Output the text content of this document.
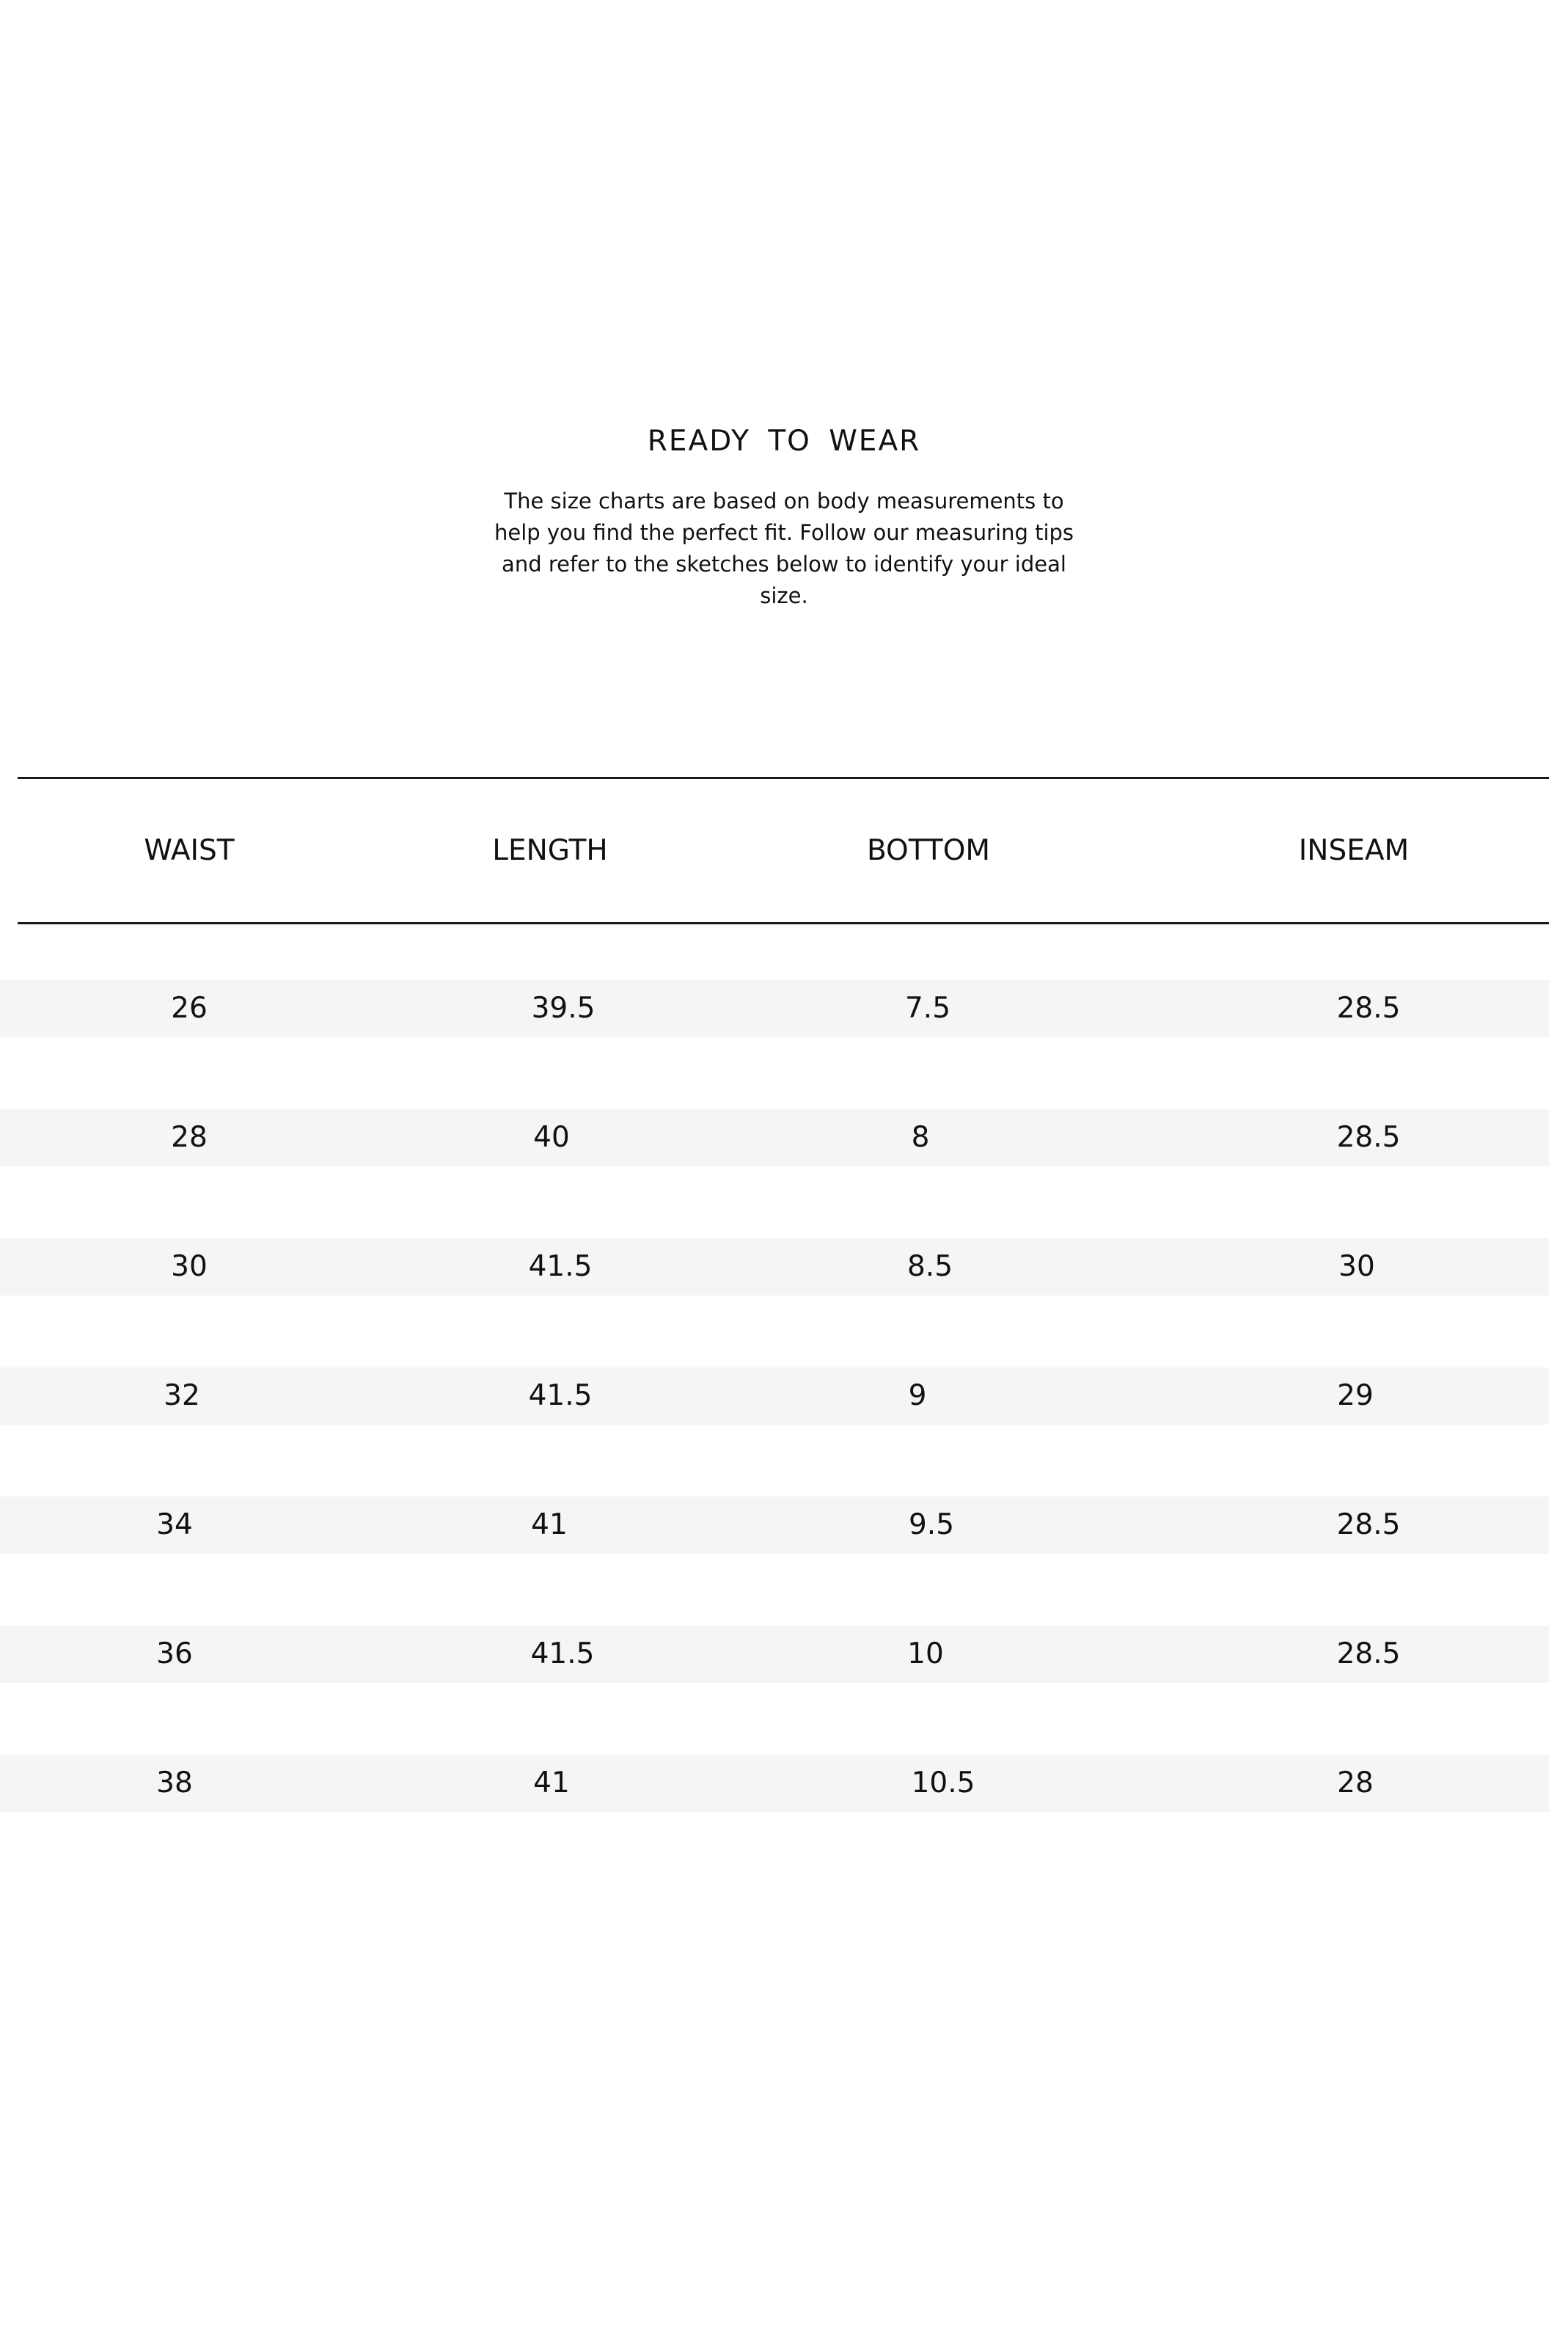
READY TO WEAR
The size charts are based on body measurements to help you find the perfect fit. Follow our measuring tips and refer to the sketches below to identify your ideal size.
WAIST	LENGTH	BOTTOM	INSEAM
26	39.5	7.5	28.5
28	40	8	28.5
30	41.5	8.5	30
32	41.5	9	29
34	41	9.5	28.5
36	41.5	10	28.5
38	41	10.5	28
